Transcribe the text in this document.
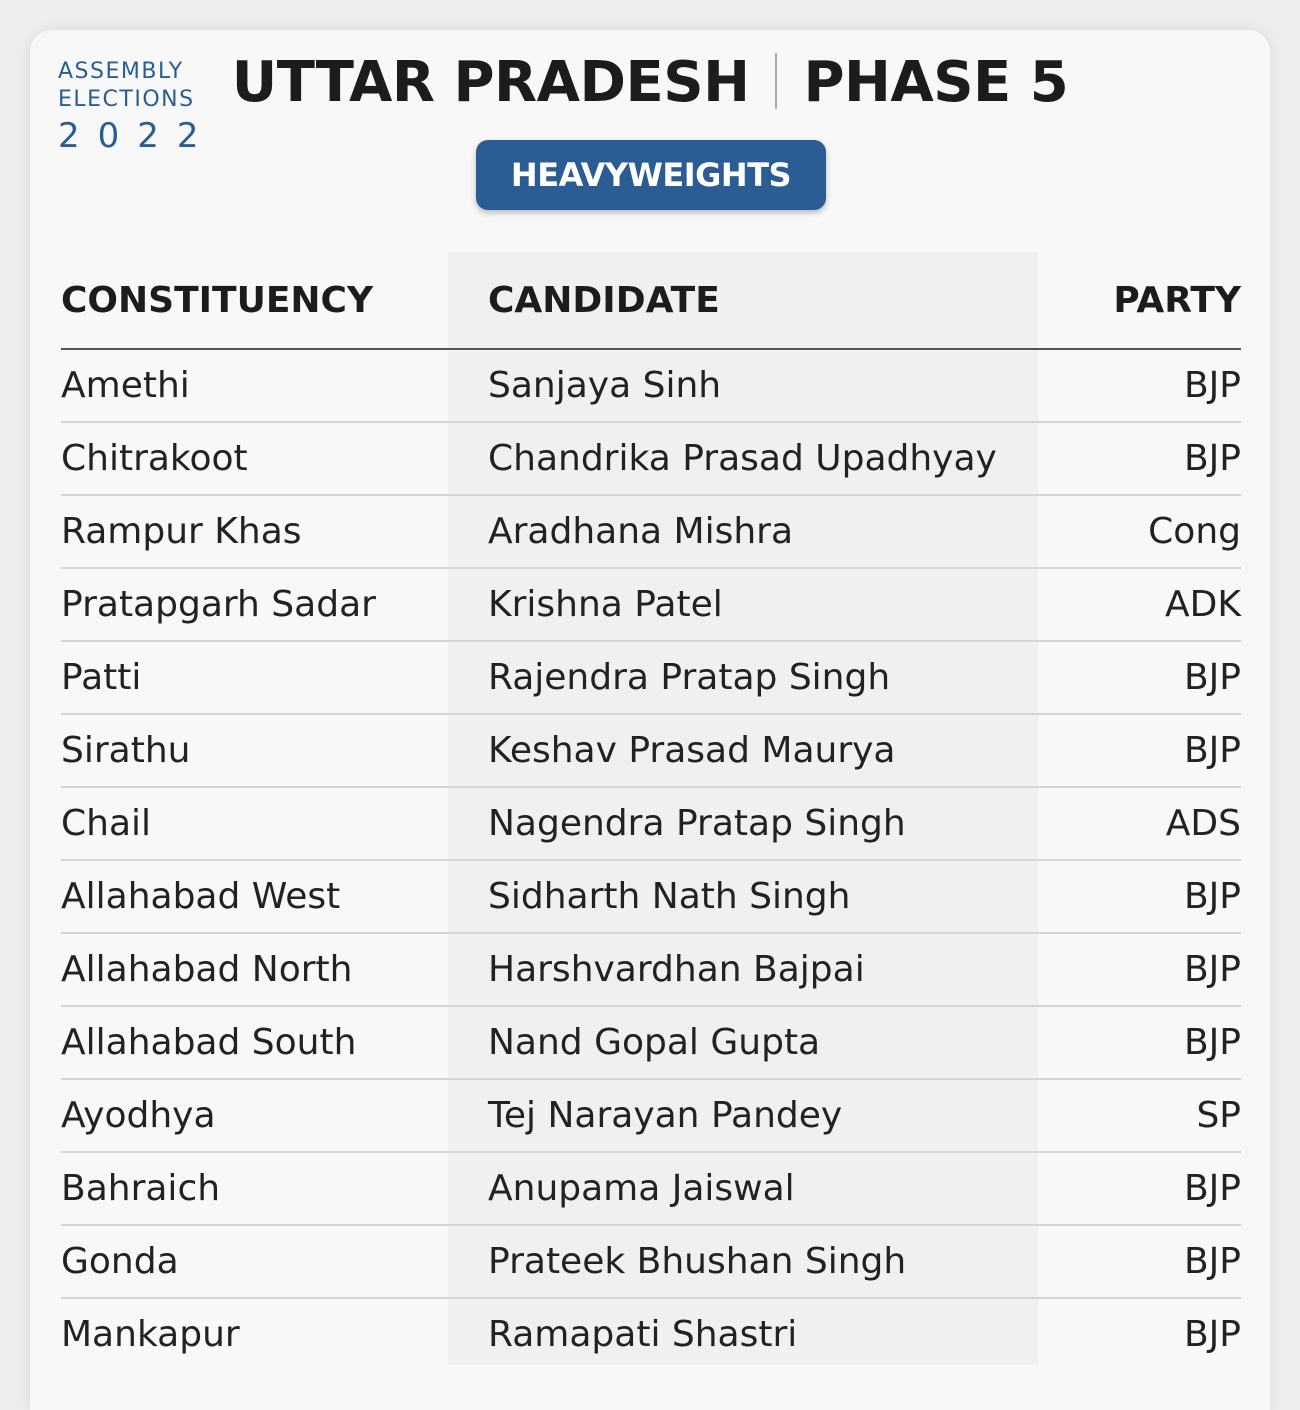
ASSEMBLY
ELECTIONS
2022
UTTAR PRADESH PHASE 5
HEAVYWEIGHTS
CONSTITUENCY	CANDIDATE	PARTY
Amethi	Sanjaya Sinh	BJP
Chitrakoot	Chandrika Prasad Upadhyay	BJP
Rampur Khas	Aradhana Mishra	Cong
Pratapgarh Sadar	Krishna Patel	ADK
Patti	Rajendra Pratap Singh	BJP
Sirathu	Keshav Prasad Maurya	BJP
Chail	Nagendra Pratap Singh	ADS
Allahabad West	Sidharth Nath Singh	BJP
Allahabad North	Harshvardhan Bajpai	BJP
Allahabad South	Nand Gopal Gupta	BJP
Ayodhya	Tej Narayan Pandey	SP
Bahraich	Anupama Jaiswal	BJP
Gonda	Prateek Bhushan Singh	BJP
Mankapur	Ramapati Shastri	BJP
